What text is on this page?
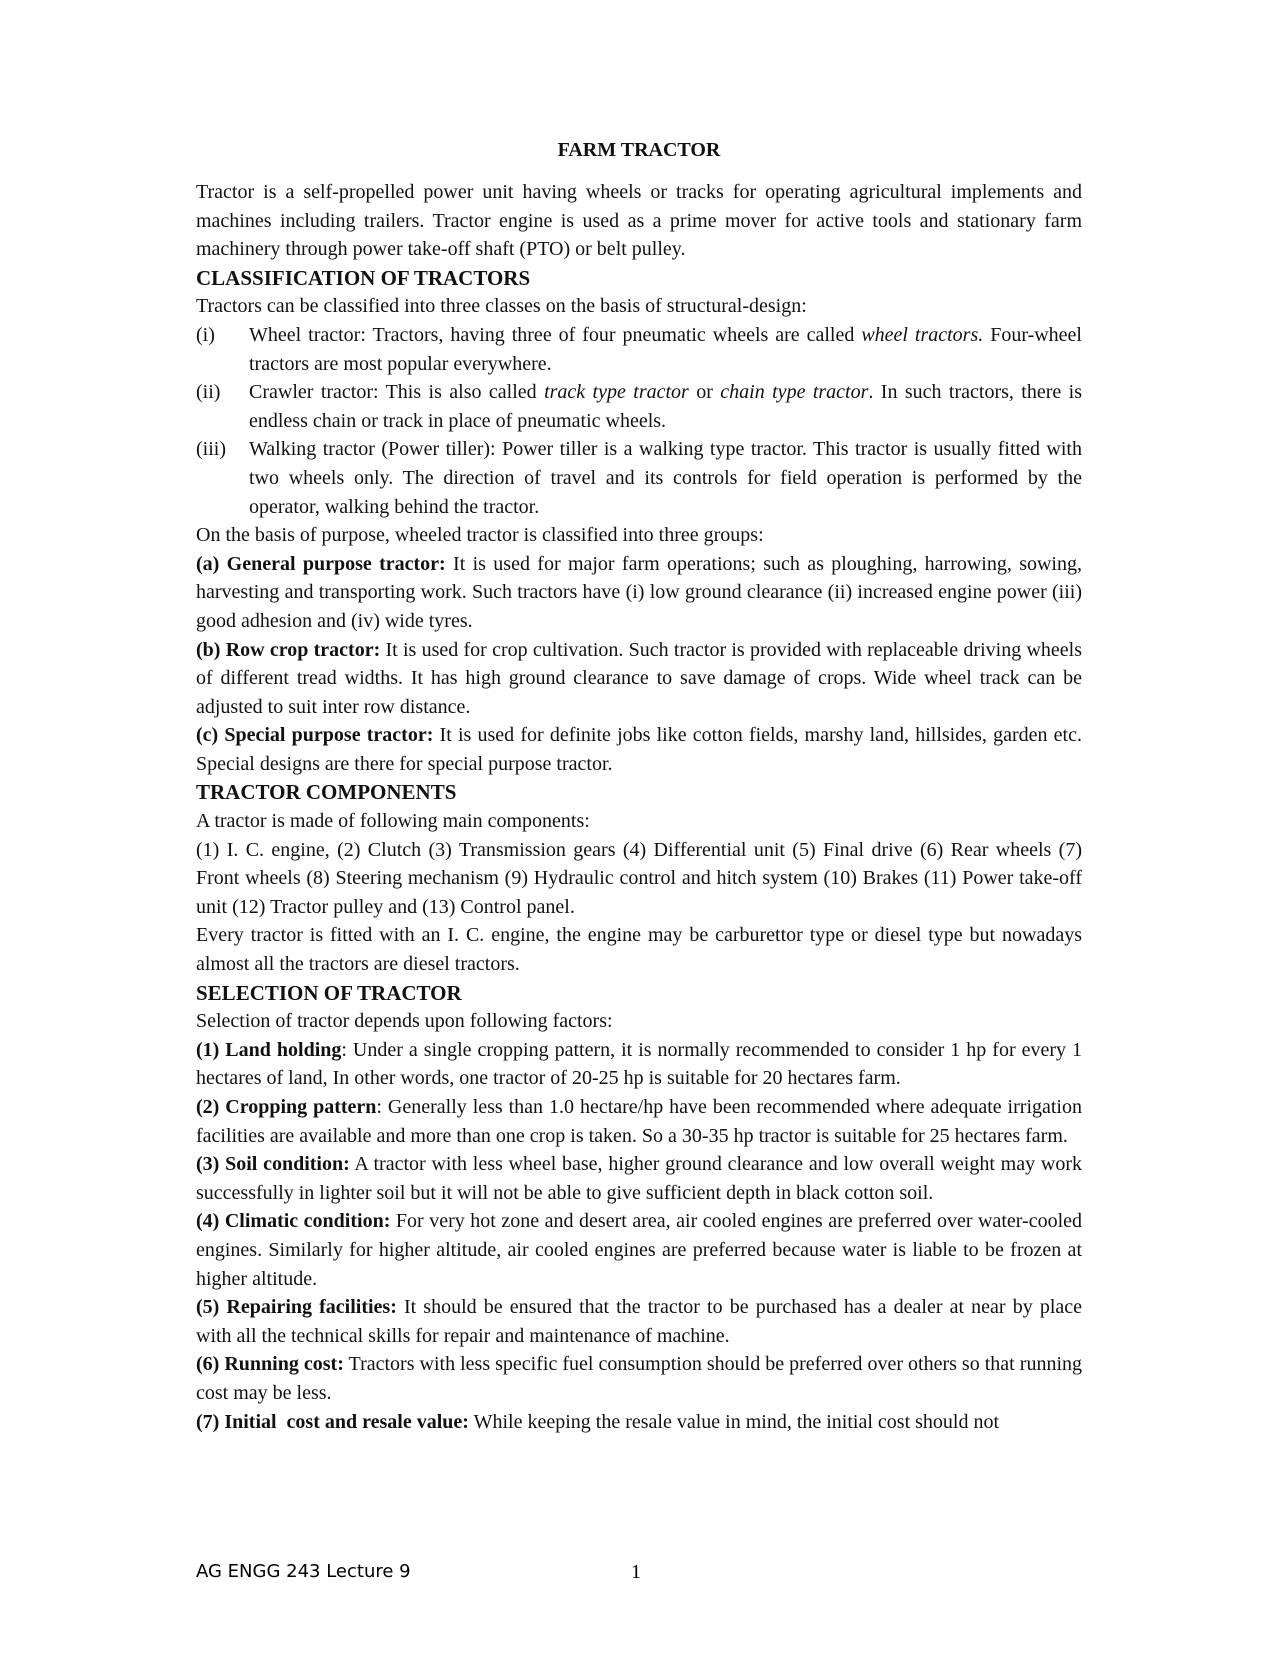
FARM TRACTOR

Tractor is a self-propelled power unit having wheels or tracks for operating agricultural implements and machines including trailers. Tractor engine is used as a prime mover for active tools and stationary farm machinery through power take-off shaft (PTO) or belt pulley.

CLASSIFICATION OF TRACTORS

Tractors can be classified into three classes on the basis of structural-design:

(i)	Wheel tractor: Tractors, having three of four pneumatic wheels are called wheel tractors. Four-wheel tractors are most popular everywhere.
(ii)	Crawler tractor: This is also called track type tractor or chain type tractor. In such tractors, there is endless chain or track in place of pneumatic wheels.
(iii)	Walking tractor (Power tiller): Power tiller is a walking type tractor. This tractor is usually fitted with two wheels only. The direction of travel and its controls for field operation is performed by the operator, walking behind the tractor.

On the basis of purpose, wheeled tractor is classified into three groups:

(a) General purpose tractor: It is used for major farm operations; such as ploughing, harrowing, sowing, harvesting and transporting work. Such tractors have (i) low ground clearance (ii) increased engine power (iii) good adhesion and (iv) wide tyres.

(b) Row crop tractor: It is used for crop cultivation. Such tractor is provided with replaceable driving wheels of different tread widths. It has high ground clearance to save damage of crops. Wide wheel track can be adjusted to suit inter row distance.

(c) Special purpose tractor: It is used for definite jobs like cotton fields, marshy land, hillsides, garden etc. Special designs are there for special purpose tractor.

TRACTOR COMPONENTS

A tractor is made of following main components:

(1) I. C. engine, (2) Clutch (3) Transmission gears (4) Differential unit (5) Final drive (6) Rear wheels (7) Front wheels (8) Steering mechanism (9) Hydraulic control and hitch system (10) Brakes (11) Power take-off unit (12) Tractor pulley and (13) Control panel.

Every tractor is fitted with an I. C. engine, the engine may be carburettor type or diesel type but nowadays almost all the tractors are diesel tractors.

SELECTION OF TRACTOR

Selection of tractor depends upon following factors:

(1) Land holding: Under a single cropping pattern, it is normally recommended to consider 1 hp for every 1 hectares of land, In other words, one tractor of 20-25 hp is suitable for 20 hectares farm.

(2) Cropping pattern: Generally less than 1.0 hectare/hp have been recommended where adequate irrigation facilities are available and more than one crop is taken. So a 30-35 hp tractor is suitable for 25 hectares farm.

(3) Soil condition: A tractor with less wheel base, higher ground clearance and low overall weight may work successfully in lighter soil but it will not be able to give sufficient depth in black cotton soil.

(4) Climatic condition: For very hot zone and desert area, air cooled engines are preferred over water-cooled engines. Similarly for higher altitude, air cooled engines are preferred because water is liable to be frozen at higher altitude.

(5) Repairing facilities: It should be ensured that the tractor to be purchased has a dealer at near by place with all the technical skills for repair and maintenance of machine.

(6) Running cost: Tractors with less specific fuel consumption should be preferred over others so that running cost may be less.

(7) Initial  cost and resale value: While keeping the resale value in mind, the initial cost should not

AG ENGG 243 Lecture 9	1
